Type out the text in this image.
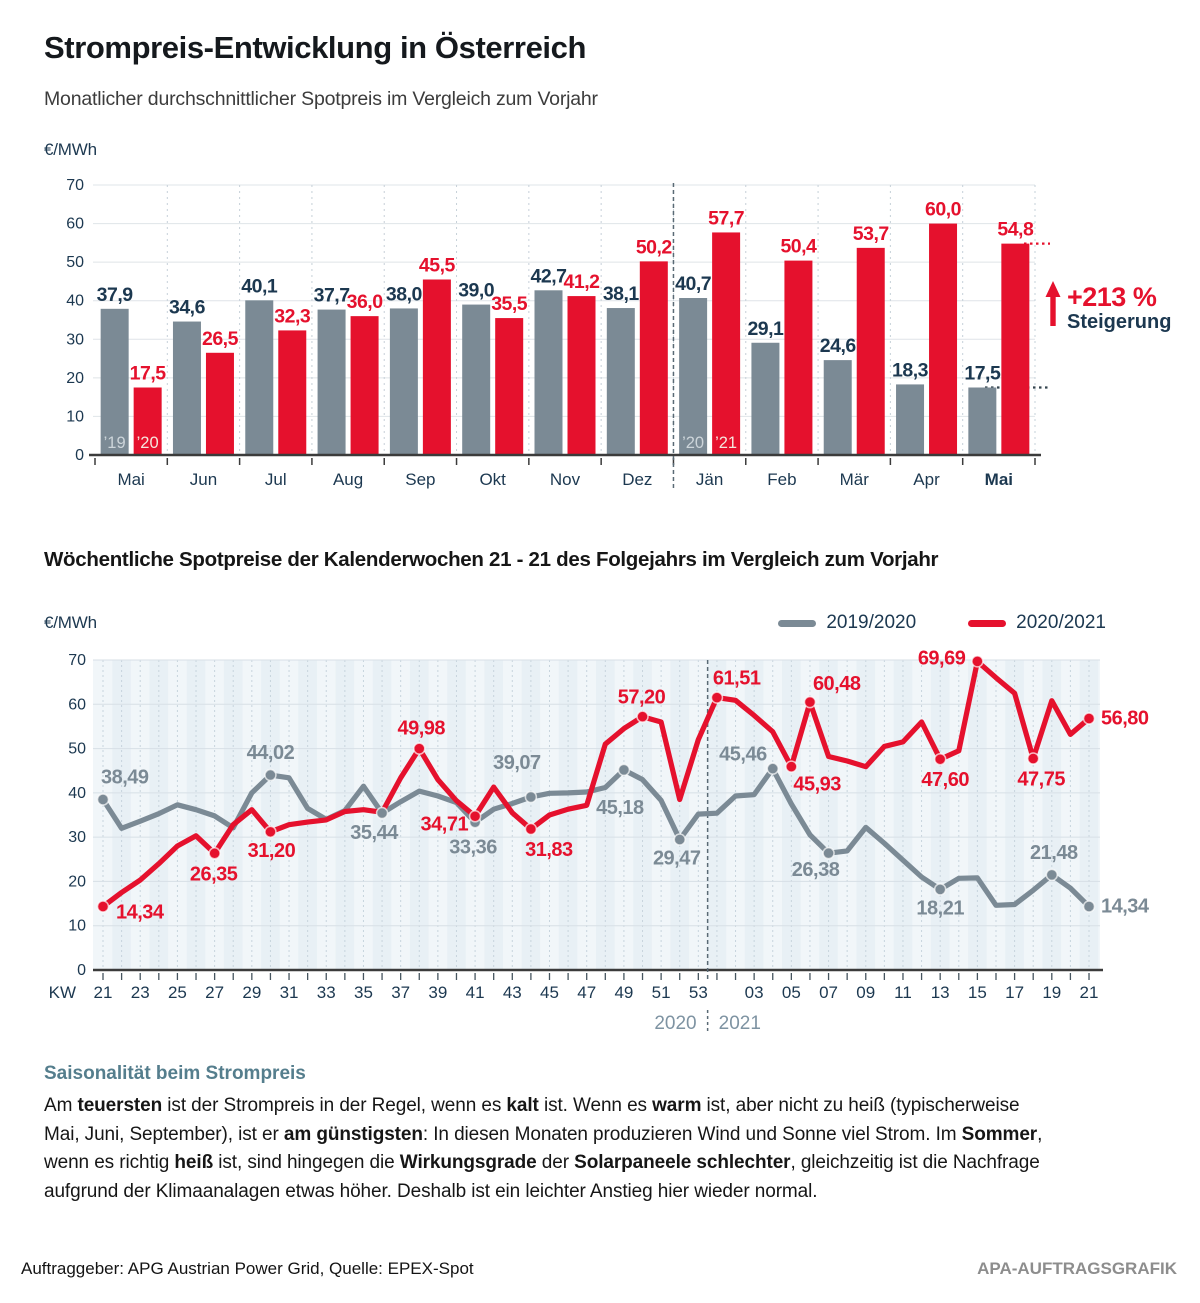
Strompreis-Entwicklung in Österreich
Monatlicher durchschnittlicher Spotpreis im Vergleich zum Vorjahr
€/MWh
0
10
20
30
40
50
60
70
37,9
17,5
34,6
26,5
40,1
32,3
37,7
36,0 38,0
45,5
39,0
35,5
42,7
41,2
38,1
50,2
40,7
57,7
29,1
50,4
24,6
53,7
18,3
60,0
17,5
54,8
’19 ’20	’20 ’21
Mai	Jun	Jul	Aug Sep	Okt	Nov Dez	Jän	Feb	Mär	Apr	Mai
+213 %
Steigerung
Wöchentliche Spotpreise der Kalenderwochen 21 - 21 des Folgejahrs im Vergleich zum Vorjahr
€/MWh	2019/2020	2020/2021
0
10
20
30
40
50
60
70
KW 21 23 25 27 29 31 33 35 37 39 41 43 45 47 49 51 53 03 05 07 09 11 13 15 17 19 21
2020 2021
38,49
44,02
35,44
33,36
39,07
45,18
29,47
45,46
26,38
18,21
21,48
14,34
14,34
26,35
31,20
49,98
34,71
31,83
57,20
61,51
45,93
60,48
47,60
69,69
47,75
56,80

Saisonalität beim Strompreis

Am teuersten ist der Strompreis in der Regel, wenn es kalt ist. Wenn es warm ist, aber nicht zu heiß (typischerweise
Mai, Juni, September), ist er am günstigsten: In diesen Monaten produzieren Wind und Sonne viel Strom. Im Sommer,
wenn es richtig heiß ist, sind hingegen die Wirkungsgrade der Solarpaneele schlechter, gleichzeitig ist die Nachfrage
aufgrund der Klimaanalagen etwas höher. Deshalb ist ein leichter Anstieg hier wieder normal.

Auftraggeber: APG Austrian Power Grid, Quelle: EPEX-Spot	APA-AUFTRAGSGRAFIK
